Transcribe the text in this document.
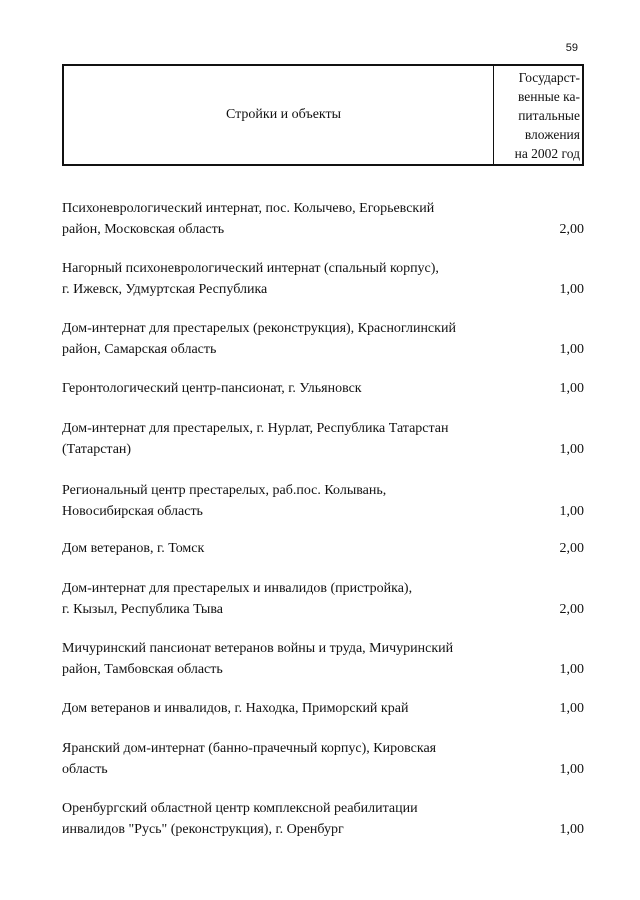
59
Стройки и объекты
Государст-
венные ка-
питальные
вложения
на 2002 год
Психоневрологический интернат, пос. Колычево, Егорьевский
район, Московская область	2,00
Нагорный психоневрологический интернат (спальный корпус),
г. Ижевск, Удмуртская Республика	1,00
Дом-интернат для престарелых (реконструкция), Красноглинский
район, Самарская область	1,00
Геронтологический центр-пансионат, г. Ульяновск	1,00
Дом-интернат для престарелых, г. Нурлат, Республика Татарстан
(Татарстан)	1,00
Региональный центр престарелых, раб.пос. Колывань,
Новосибирская область	1,00
Дом ветеранов, г. Томск	2,00
Дом-интернат для престарелых и инвалидов (пристройка),
г. Кызыл, Республика Тыва	2,00
Мичуринский пансионат ветеранов войны и труда, Мичуринский
район, Тамбовская область	1,00
Дом ветеранов и инвалидов, г. Находка, Приморский край	1,00
Яранский дом-интернат (банно-прачечный корпус), Кировская
область	1,00
Оренбургский областной центр комплексной реабилитации
инвалидов "Русь" (реконструкция), г. Оренбург	1,00
